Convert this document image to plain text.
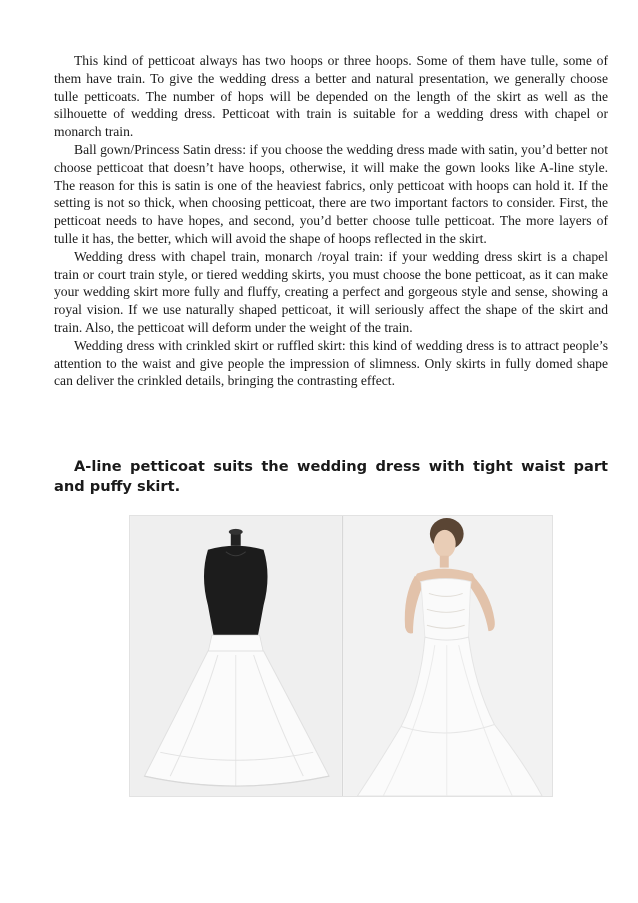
This kind of petticoat always has two hoops or three hoops. Some of them have tulle, some of them have train. To give the wedding dress a better and natural presentation, we generally choose tulle petticoats. The number of hops will be depended on the length of the skirt as well as the silhouette of wedding dress. Petticoat with train is suitable for a wedding dress with chapel or monarch train.

Ball gown/Princess Satin dress: if you choose the wedding dress made with satin, you’d better not choose petticoat that doesn’t have hoops, otherwise, it will make the gown looks like A-line style. The reason for this is satin is one of the heaviest fabrics, only petticoat with hoops can hold it. If the setting is not so thick, when choosing petticoat, there are two important factors to consider. First, the petticoat needs to have hopes, and second, you’d better choose tulle petticoat. The more layers of tulle it has, the better, which will avoid the shape of hoops reflected in the skirt.

Wedding dress with chapel train, monarch /royal train: if your wedding dress skirt is a chapel train or court train style, or tiered wedding skirts, you must choose the bone petticoat, as it can make your wedding skirt more fully and fluffy, creating a perfect and gorgeous style and sense, showing a royal vision. If we use naturally shaped petticoat, it will seriously affect the shape of the skirt and train. Also, the petticoat will deform under the weight of the train.

Wedding dress with crinkled skirt or ruffled skirt: this kind of wedding dress is to attract people’s attention to the waist and give people the impression of slimness. Only skirts in fully domed shape can deliver the crinkled details, bringing the contrasting effect.

A-line petticoat suits the wedding dress with tight waist part and puffy skirt.
